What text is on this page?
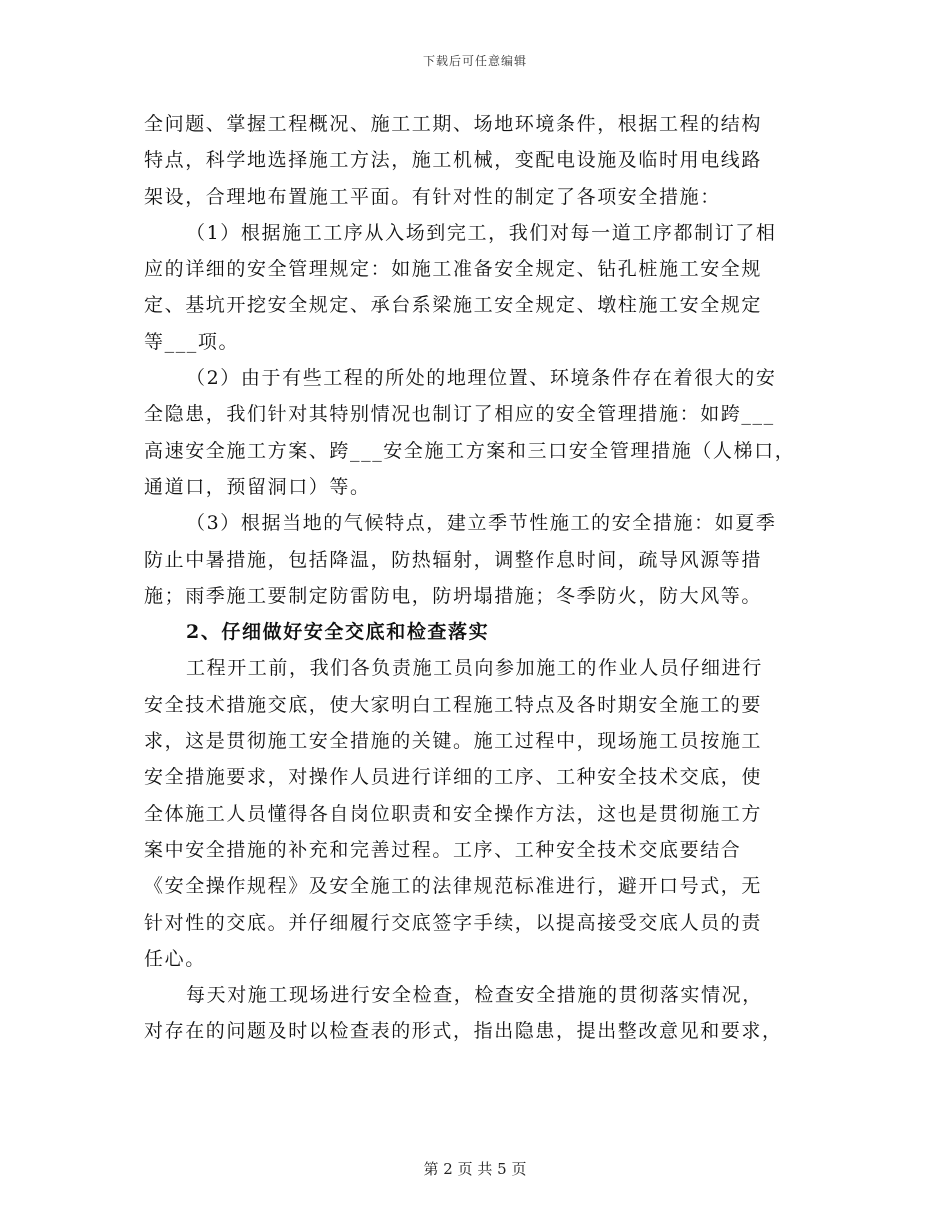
下载后可任意编辑
全问题、掌握工程概况、施工工期、场地环境条件，根据工程的结构
特点，科学地选择施工方法，施工机械，变配电设施及临时用电线路
架设，合理地布置施工平面。有针对性的制定了各项安全措施：
（1）根据施工工序从入场到完工，我们对每一道工序都制订了相
应的详细的安全管理规定：如施工准备安全规定、钻孔桩施工安全规
定、基坑开挖安全规定、承台系梁施工安全规定、墩柱施工安全规定
等___项。
（2）由于有些工程的所处的地理位置、环境条件存在着很大的安
全隐患，我们针对其特别情况也制订了相应的安全管理措施：如跨___
高速安全施工方案、跨___安全施工方案和三口安全管理措施（人梯口，
通道口，预留洞口）等。
（3）根据当地的气候特点，建立季节性施工的安全措施：如夏季
防止中暑措施，包括降温，防热辐射，调整作息时间，疏导风源等措
施；雨季施工要制定防雷防电，防坍塌措施；冬季防火，防大风等。
2、仔细做好安全交底和检查落实
工程开工前，我们各负责施工员向参加施工的作业人员仔细进行
安全技术措施交底，使大家明白工程施工特点及各时期安全施工的要
求，这是贯彻施工安全措施的关键。施工过程中，现场施工员按施工
安全措施要求，对操作人员进行详细的工序、工种安全技术交底，使
全体施工人员懂得各自岗位职责和安全操作方法，这也是贯彻施工方
案中安全措施的补充和完善过程。工序、工种安全技术交底要结合
《安全操作规程》及安全施工的法律规范标准进行，避开口号式，无
针对性的交底。并仔细履行交底签字手续，以提高接受交底人员的责
任心。
每天对施工现场进行安全检查，检查安全措施的贯彻落实情况，
对存在的问题及时以检查表的形式，指出隐患，提出整改意见和要求，
第 2 页 共 5 页
